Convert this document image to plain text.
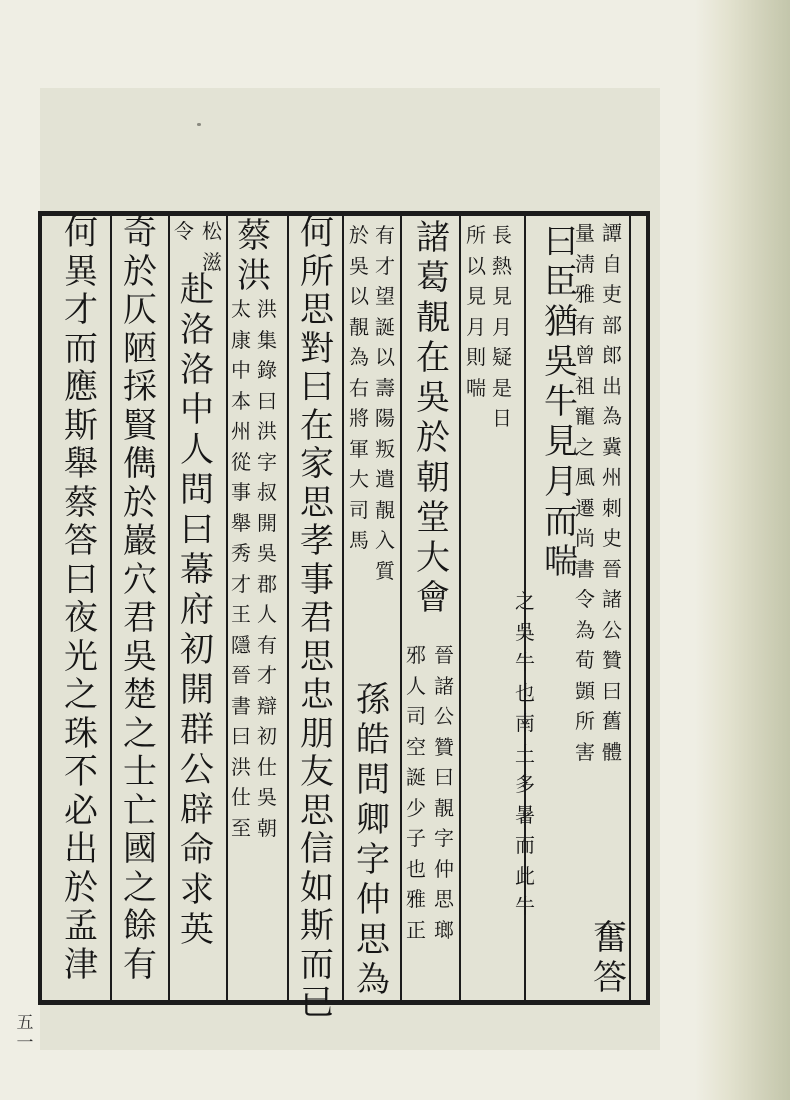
曰
臣
猶
吳
牛
見
月
而
喘
之
吳
牛
也
南
土
多
暑
而
此
牛
譚
自
吏
部
郎
出
為
冀
州
刺
史
晉
諸
公
贊
曰
舊
體
量
淸
雅
有
曾
祖
寵
之
風
遷
尚
書
令
為
荀
顗
所
害
奮
答
長
熱
見
月
疑
是
日
所
以
見
月
則
喘
諸
葛
靚
在
吳
於
朝
堂
大
會
晉
諸
公
贊
曰
靚
字
仲
思
瑯
邪
人
司
空
誕
少
子
也
雅
正
有
才
望
誕
以
壽
陽
叛
遣
靚
入
質
於
吳
以
靚
為
右
將
軍
大
司
馬
孫
皓
問
卿
字
仲
思
為
何
所
思
對
曰
在
家
思
孝
事
君
思
忠
朋
友
思
信
如
斯
而
已
蔡
洪
洪
集
錄
曰
洪
字
叔
開
吳
郡
人
有
才
辯
初
仕
吳
朝
太
康
中
本
州
從
事
舉
秀
才
王
隱
晉
書
曰
洪
仕
至
松
滋
令
赴
洛
洛
中
人
問
曰
幕
府
初
開
群
公
辟
命
求
英
奇
於
仄
陋
採
賢
儁
於
巖
穴
君
吳
楚
之
士
亡
國
之
餘
有
何
異
才
而
應
斯
舉
蔡
答
曰
夜
光
之
珠
不
必
出
於
孟
津
五
一
